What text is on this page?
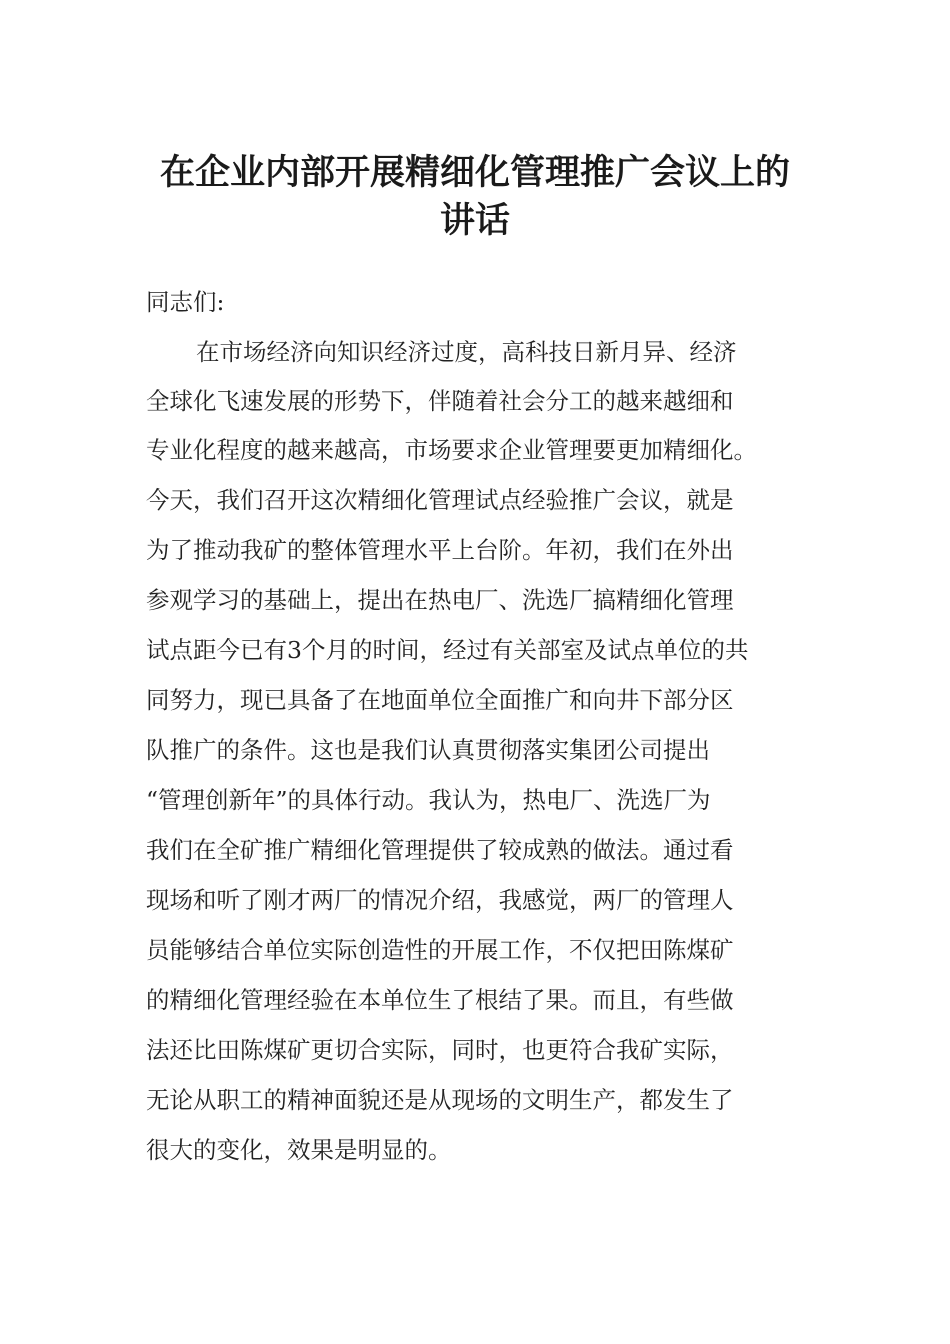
在企业内部开展精细化管理推广会议上的
讲话

同志们:

在市场经济向知识经济过度，高科技日新月异、经济

全球化飞速发展的形势下，伴随着社会分工的越来越细和

专业化程度的越来越高，市场要求企业管理要更加精细化。

今天，我们召开这次精细化管理试点经验推广会议，就是

为了推动我矿的整体管理水平上台阶。年初，我们在外出

参观学习的基础上，提出在热电厂、洗选厂搞精细化管理

试点距今已有3个月的时间，经过有关部室及试点单位的共

同努力，现已具备了在地面单位全面推广和向井下部分区

队推广的条件。这也是我们认真贯彻落实集团公司提出

“管理创新年”的具体行动。我认为，热电厂、洗选厂为

我们在全矿推广精细化管理提供了较成熟的做法。通过看

现场和听了刚才两厂的情况介绍，我感觉，两厂的管理人

员能够结合单位实际创造性的开展工作，不仅把田陈煤矿

的精细化管理经验在本单位生了根结了果。而且，有些做

法还比田陈煤矿更切合实际，同时，也更符合我矿实际，

无论从职工的精神面貌还是从现场的文明生产，都发生了

很大的变化，效果是明显的。
